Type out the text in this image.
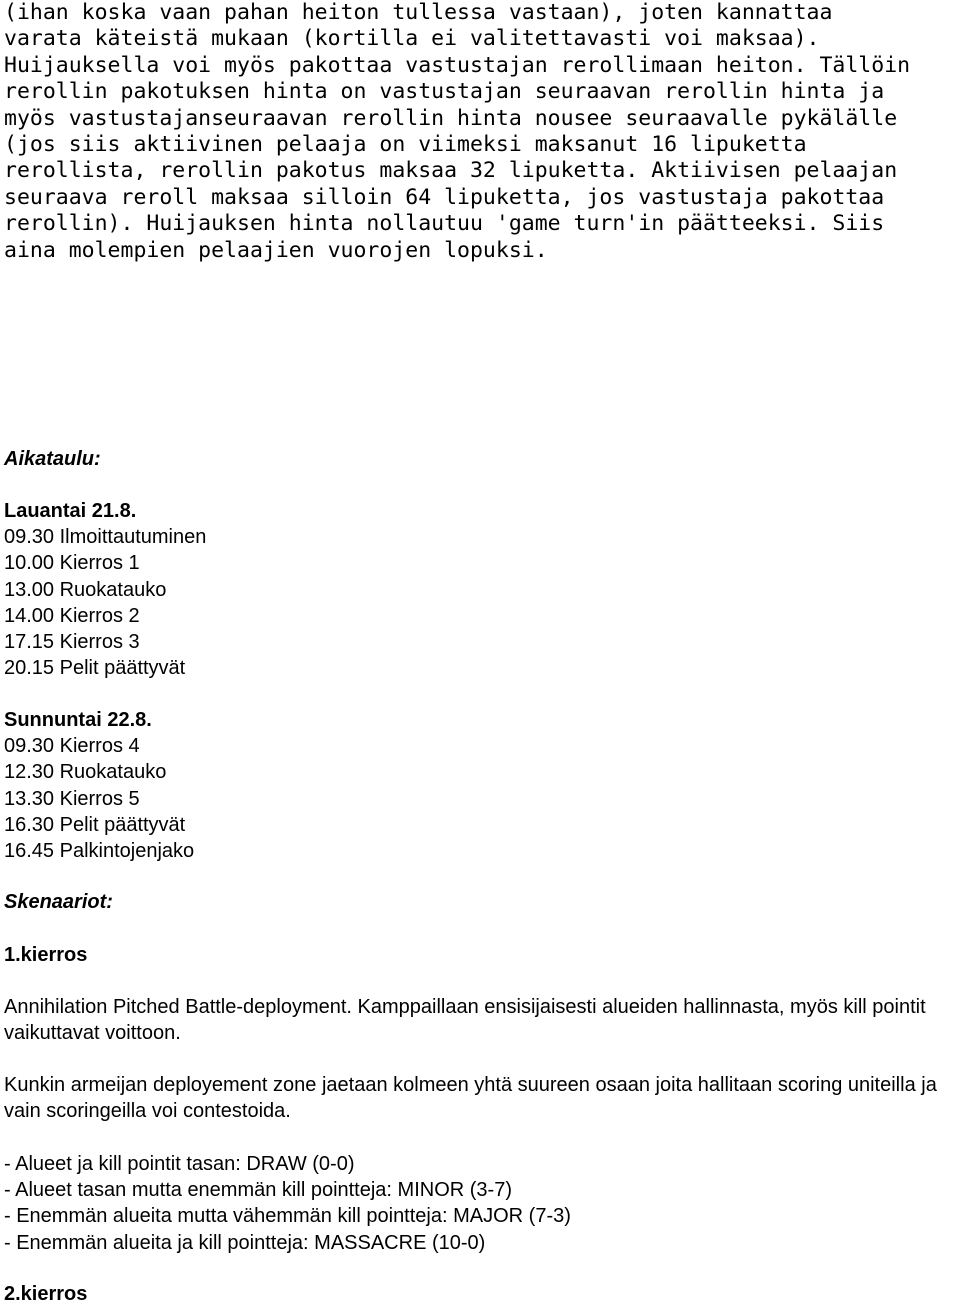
(ihan koska vaan pahan heiton tullessa vastaan), joten kannattaa
varata käteistä mukaan (kortilla ei valitettavasti voi maksaa).
Huijauksella voi myös pakottaa vastustajan rerollimaan heiton. Tällöin
rerollin pakotuksen hinta on vastustajan seuraavan rerollin hinta ja
myös vastustajanseuraavan rerollin hinta nousee seuraavalle pykälälle
(jos siis aktiivinen pelaaja on viimeksi maksanut 16 lipuketta
rerollista, rerollin pakotus maksaa 32 lipuketta. Aktiivisen pelaajan
seuraava reroll maksaa silloin 64 lipuketta, jos vastustaja pakottaa
rerollin). Huijauksen hinta nollautuu 'game turn'in päätteeksi. Siis
aina molempien pelaajien vuorojen lopuksi.
Aikataulu:
Lauantai 21.8.
09.30 Ilmoittautuminen
10.00 Kierros 1
13.00 Ruokatauko
14.00 Kierros 2
17.15 Kierros 3
20.15 Pelit päättyvät
Sunnuntai 22.8.
09.30 Kierros 4
12.30 Ruokatauko
13.30 Kierros 5
16.30 Pelit päättyvät
16.45 Palkintojenjako
Skenaariot:
1.kierros
Annihilation Pitched Battle-deployment. Kamppaillaan ensisijaisesti alueiden hallinnasta, myös kill pointit vaikuttavat voittoon.
Kunkin armeijan deployement zone jaetaan kolmeen yhtä suureen osaan joita hallitaan scoring uniteilla ja vain scoringeilla voi contestoida.
- Alueet ja kill pointit tasan: DRAW (0-0)
- Alueet tasan mutta enemmän kill pointteja: MINOR (3-7)
- Enemmän alueita mutta vähemmän kill pointteja: MAJOR (7-3)
- Enemmän alueita ja kill pointteja: MASSACRE (10-0)
2.kierros
